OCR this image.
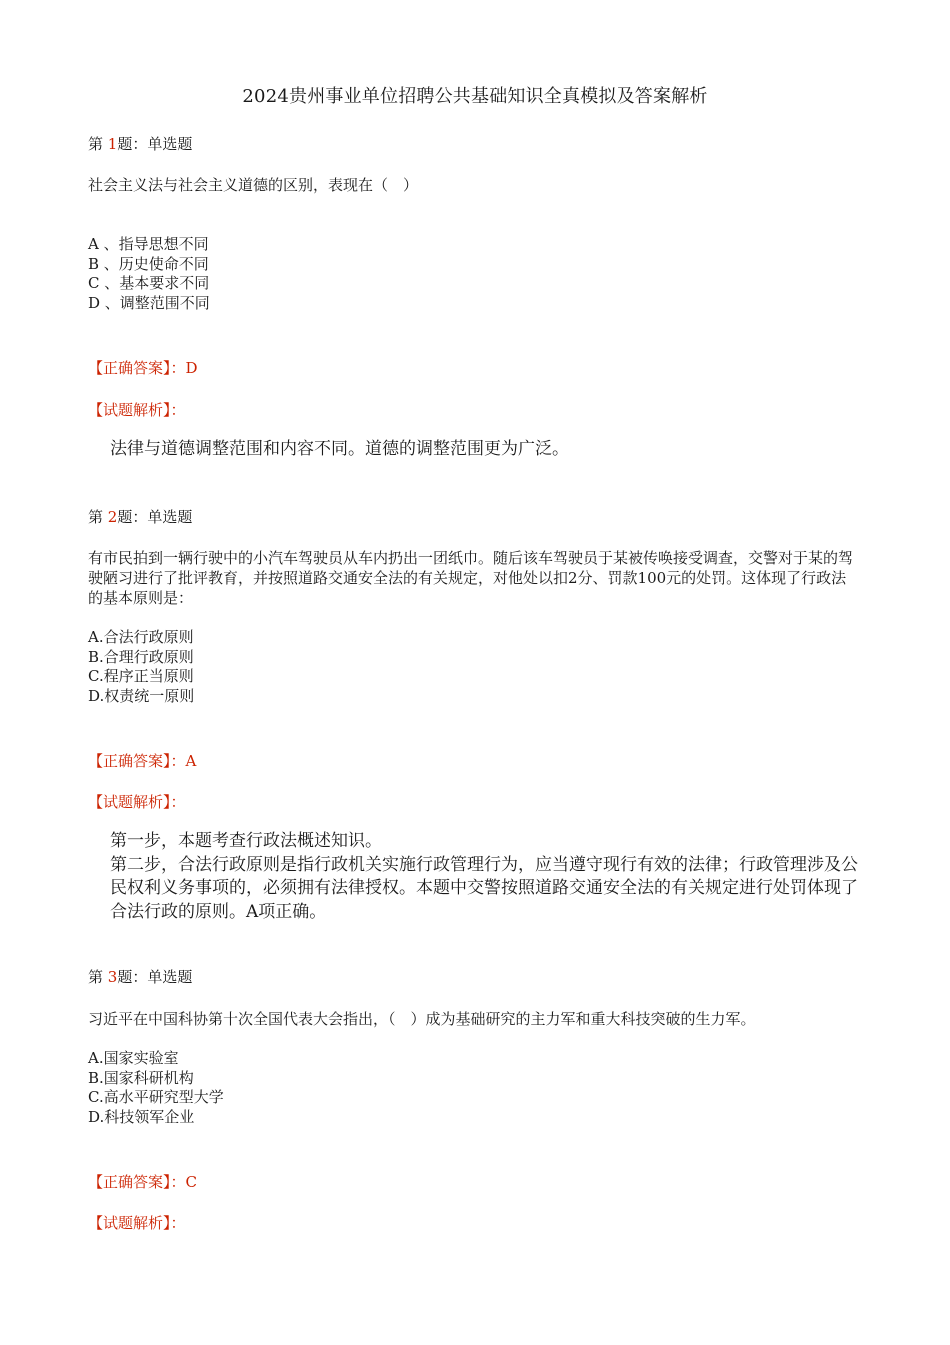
2024贵州事业单位招聘公共基础知识全真模拟及答案解析
第 1题：单选题
社会主义法与社会主义道德的区别，表现在（　）
A 、指导思想不同
B 、历史使命不同
C 、基本要求不同
D 、调整范围不同
【正确答案】：D
【试题解析】：
法律与道德调整范围和内容不同。道德的调整范围更为广泛。
第 2题：单选题
有市民拍到一辆行驶中的小汽车驾驶员从车内扔出一团纸巾。随后该车驾驶员于某被传唤接受调查，交警对于某的驾驶陋习进行了批评教育，并按照道路交通安全法的有关规定，对他处以扣2分、罚款100元的处罚。这体现了行政法的基本原则是：
A.合法行政原则
B.合理行政原则
C.程序正当原则
D.权责统一原则
【正确答案】：A
【试题解析】：
第一步，本题考查行政法概述知识。
第二步，合法行政原则是指行政机关实施行政管理行为，应当遵守现行有效的法律；行政管理涉及公民权利义务事项的，必须拥有法律授权。本题中交警按照道路交通安全法的有关规定进行处罚体现了合法行政的原则。A项正确。
第 3题：单选题
习近平在中国科协第十次全国代表大会指出，（　）成为基础研究的主力军和重大科技突破的生力军。
A.国家实验室
B.国家科研机构
C.高水平研究型大学
D.科技领军企业
【正确答案】：C
【试题解析】：
